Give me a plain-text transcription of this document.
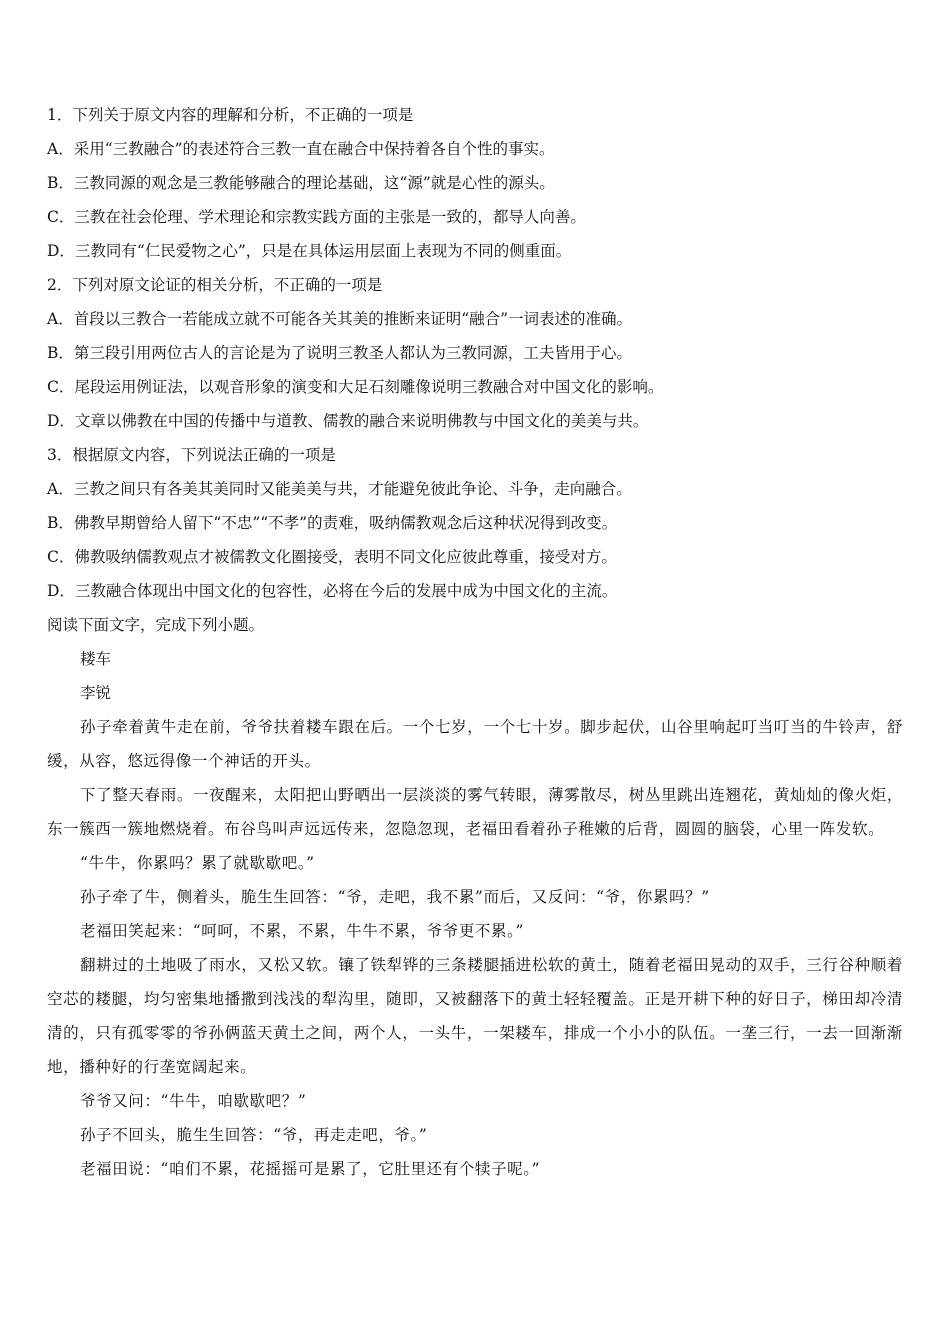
1．下列关于原文内容的理解和分析，不正确的一项是
A．采用“三教融合”的表述符合三教一直在融合中保持着各自个性的事实。
B．三教同源的观念是三教能够融合的理论基础，这“源”就是心性的源头。
C．三教在社会伦理、学术理论和宗教实践方面的主张是一致的，都导人向善。
D．三教同有“仁民爱物之心”，只是在具体运用层面上表现为不同的侧重面。
2．下列对原文论证的相关分析，不正确的一项是
A．首段以三教合一若能成立就不可能各关其美的推断来证明“融合”一词表述的准确。
B．第三段引用两位古人的言论是为了说明三教圣人都认为三教同源，工夫皆用于心。
C．尾段运用例证法，以观音形象的演变和大足石刻雕像说明三教融合对中国文化的影响。
D．文章以佛教在中国的传播中与道教、儒教的融合来说明佛教与中国文化的美美与共。
3．根据原文内容，下列说法正确的一项是
A．三教之间只有各美其美同时又能美美与共，才能避免彼此争论、斗争，走向融合。
B．佛教早期曾给人留下“不忠”“不孝”的责难，吸纳儒教观念后这种状况得到改变。
C．佛教吸纳儒教观点才被儒教文化圈接受，表明不同文化应彼此尊重，接受对方。
D．三教融合体现出中国文化的包容性，必将在今后的发展中成为中国文化的主流。
阅读下面文字，完成下列小题。
耧车
李锐

孙子牵着黄牛走在前，爷爷扶着耧车跟在后。一个七岁，一个七十岁。脚步起伏，山谷里响起叮当叮当的牛铃声，舒缓，从容，悠远得像一个神话的开头。

下了整天春雨。一夜醒来，太阳把山野晒出一层淡淡的雾气转眼，薄雾散尽，树丛里跳出连翘花，黄灿灿的像火炬，东一簇西一簇地燃烧着。布谷鸟叫声远远传来，忽隐忽现，老福田看着孙子稚嫩的后背，圆圆的脑袋，心里一阵发软。

“牛牛，你累吗？累了就歇歇吧。”

孙子牵了牛，侧着头，脆生生回答：“爷，走吧，我不累”而后，又反问：“爷，你累吗？”

老福田笑起来：“呵呵，不累，不累，牛牛不累，爷爷更不累。”

翻耕过的土地吸了雨水，又松又软。镶了铁犁铧的三条耧腿插进松软的黄土，随着老福田晃动的双手，三行谷种顺着空芯的耧腿，均匀密集地播撒到浅浅的犁沟里，随即，又被翻落下的黄土轻轻覆盖。正是开耕下种的好日子，梯田却冷清清的，只有孤零零的爷孙俩蓝天黄土之间，两个人，一头牛，一架耧车，排成一个小小的队伍。一垄三行，一去一回渐渐地，播种好的行垄宽阔起来。

爷爷又问：“牛牛，咱歇歇吧？”

孙子不回头，脆生生回答：“爷，再走走吧，爷。”

老福田说：“咱们不累，花摇摇可是累了，它肚里还有个犊子呢。”
